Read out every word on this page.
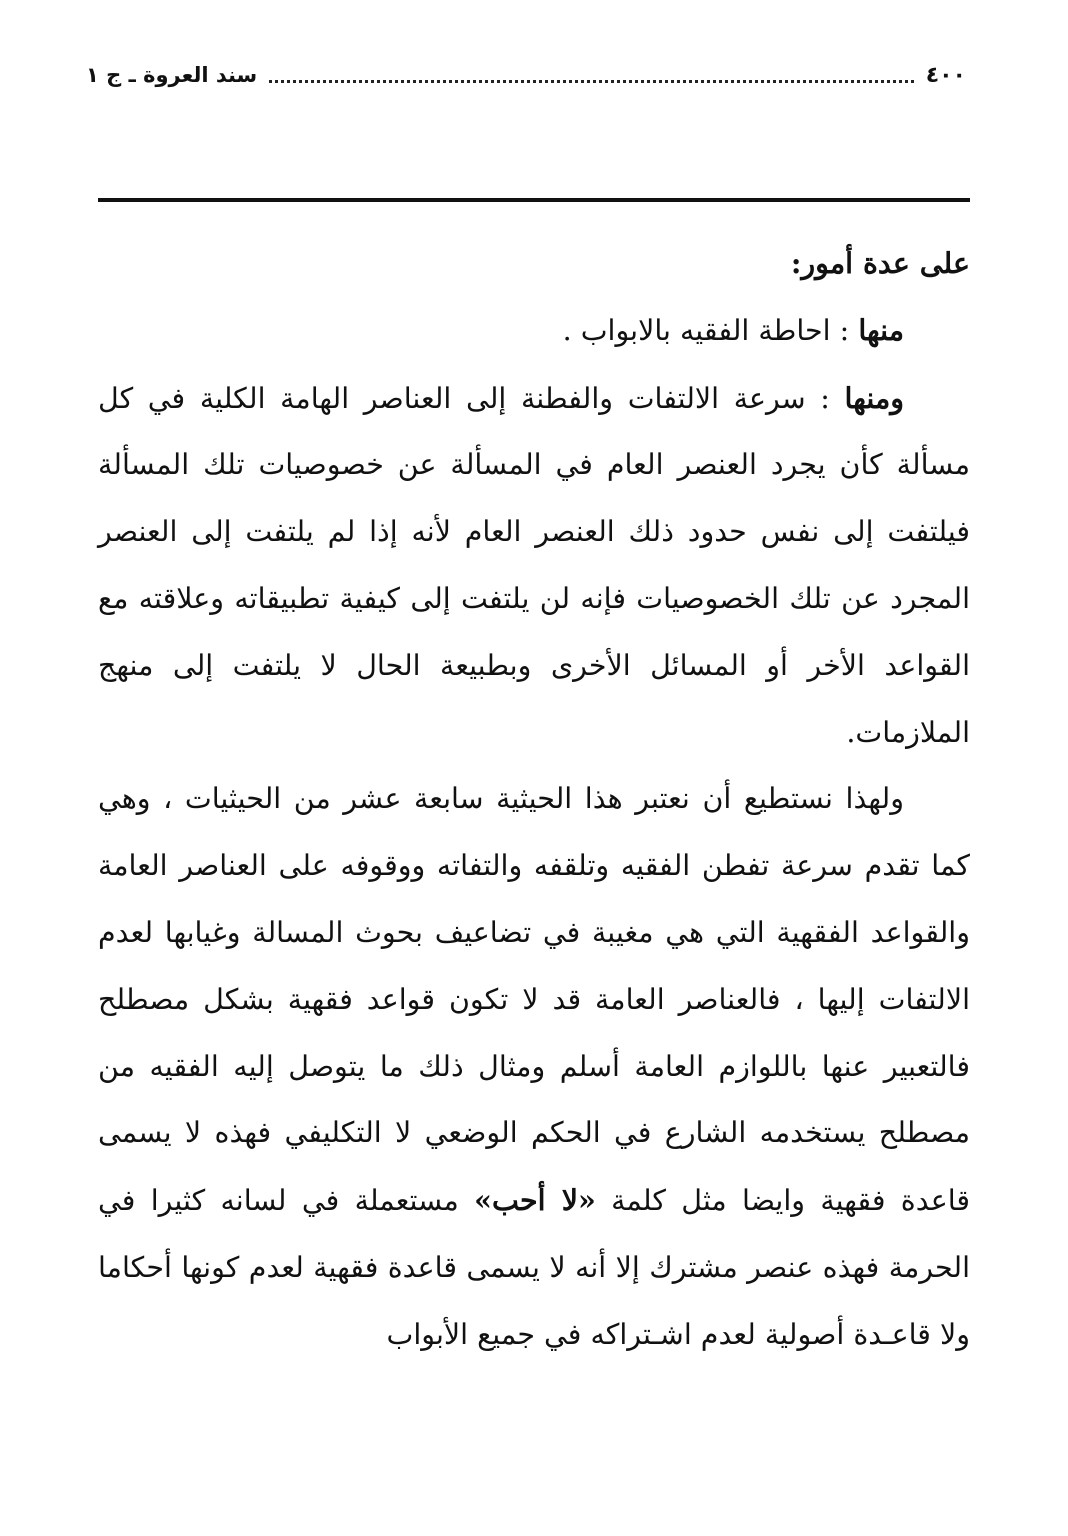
٤٠٠
سند العروة ـ ج ١

على عدة أمور:

منها : احاطة الفقيه بالابواب .

ومنها : سرعة الالتفات والفطنة إلى العناصر الهامة الكلية في كل مسألة كأن يجرد العنصر العام في المسألة عن خصوصيات تلك المسألة فيلتفت إلى نفس حدود ذلك العنصر العام لأنه إذا لم يلتفت إلى العنصر المجرد عن تلك الخصوصيات فإنه لن يلتفت إلى كيفية تطبيقاته وعلاقته مع القواعد الأخر أو المسائل الأخرى وبطبيعة الحال لا يلتفت إلى منهج الملازمات.

ولهذا نستطيع أن نعتبر هذا الحيثية سابعة عشر من الحيثيات ، وهي كما تقدم سرعة تفطن الفقيه وتلقفه والتفاته ووقوفه على العناصر العامة والقواعد الفقهية التي هي مغيبة في تضاعيف بحوث المسالة وغيابها لعدم الالتفات إليها ، فالعناصر العامة قد لا تكون قواعد فقهية بشكل مصطلح فالتعبير عنها باللوازم العامة أسلم ومثال ذلك ما يتوصل إليه الفقيه من مصطلح يستخدمه الشارع في الحكم الوضعي لا التكليفي فهذه لا يسمى قاعدة فقهية وايضا مثل كلمة «لا أحب» مستعملة في لسانه كثيرا في الحرمة فهذه عنصر مشترك إلا أنه لا يسمى قاعدة فقهية لعدم كونها أحكاما ولا قاعـدة أصولية لعدم اشـتراكه في جميع الأبواب
